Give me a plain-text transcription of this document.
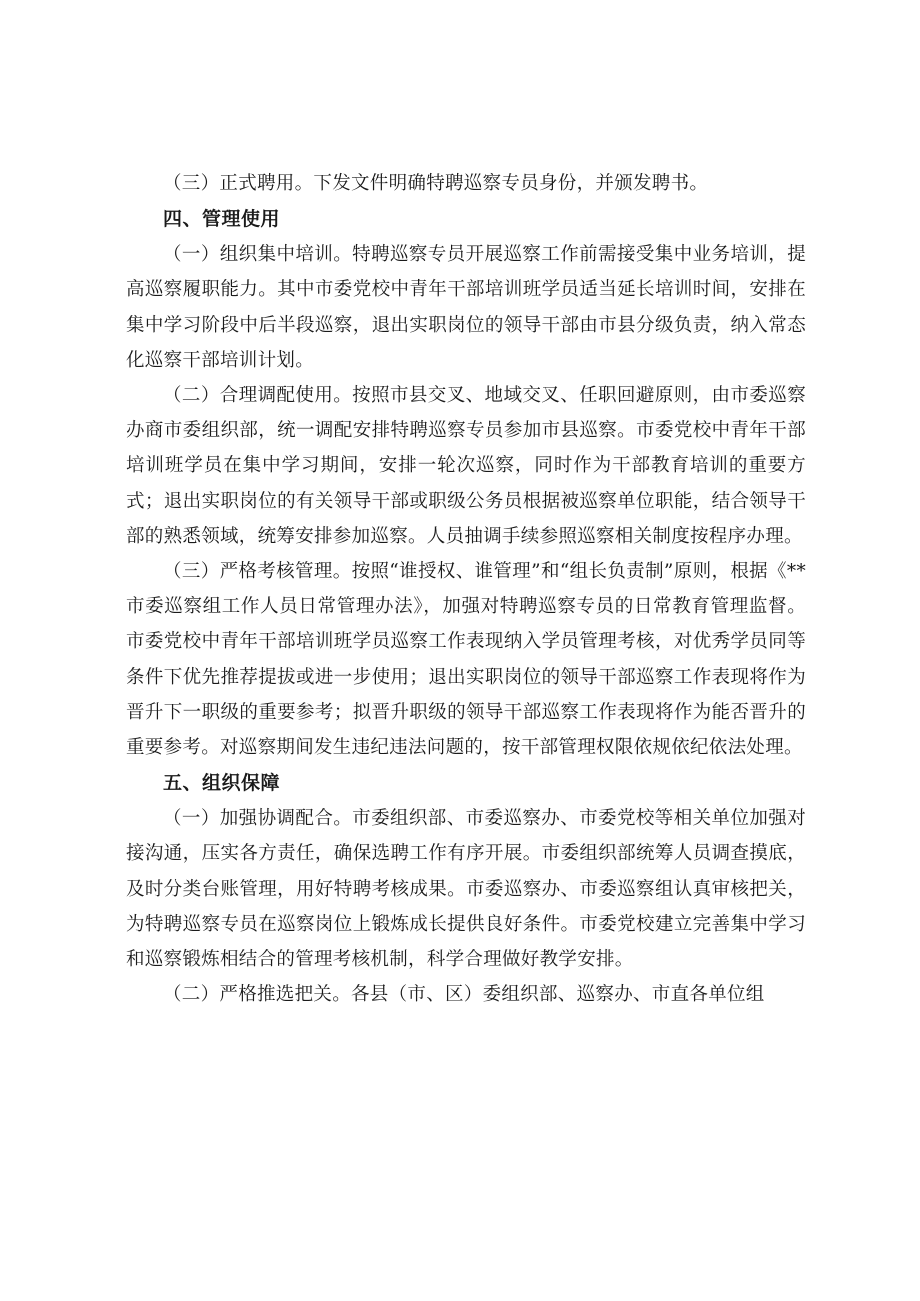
（三）正式聘用。下发文件明确特聘巡察专员身份，并颁发聘书。

四、管理使用

（一）组织集中培训。特聘巡察专员开展巡察工作前需接受集中业务培训，提高巡察履职能力。其中市委党校中青年干部培训班学员适当延长培训时间，安排在集中学习阶段中后半段巡察，退出实职岗位的领导干部由市县分级负责，纳入常态化巡察干部培训计划。

（二）合理调配使用。按照市县交叉、地域交叉、任职回避原则，由市委巡察办商市委组织部，统一调配安排特聘巡察专员参加市县巡察。市委党校中青年干部培训班学员在集中学习期间，安排一轮次巡察，同时作为干部教育培训的重要方式；退出实职岗位的有关领导干部或职级公务员根据被巡察单位职能，结合领导干部的熟悉领域，统筹安排参加巡察。人员抽调手续参照巡察相关制度按程序办理。

（三）严格考核管理。按照“谁授权、谁管理”和“组长负责制”原则，根据《**市委巡察组工作人员日常管理办法》，加强对特聘巡察专员的日常教育管理监督。市委党校中青年干部培训班学员巡察工作表现纳入学员管理考核，对优秀学员同等条件下优先推荐提拔或进一步使用；退出实职岗位的领导干部巡察工作表现将作为晋升下一职级的重要参考；拟晋升职级的领导干部巡察工作表现将作为能否晋升的重要参考。对巡察期间发生违纪违法问题的，按干部管理权限依规依纪依法处理。

五、组织保障

（一）加强协调配合。市委组织部、市委巡察办、市委党校等相关单位加强对接沟通，压实各方责任，确保选聘工作有序开展。市委组织部统筹人员调查摸底，及时分类台账管理，用好特聘考核成果。市委巡察办、市委巡察组认真审核把关，为特聘巡察专员在巡察岗位上锻炼成长提供良好条件。市委党校建立完善集中学习和巡察锻炼相结合的管理考核机制，科学合理做好教学安排。

（二）严格推选把关。各县（市、区）委组织部、巡察办、市直各单位组
